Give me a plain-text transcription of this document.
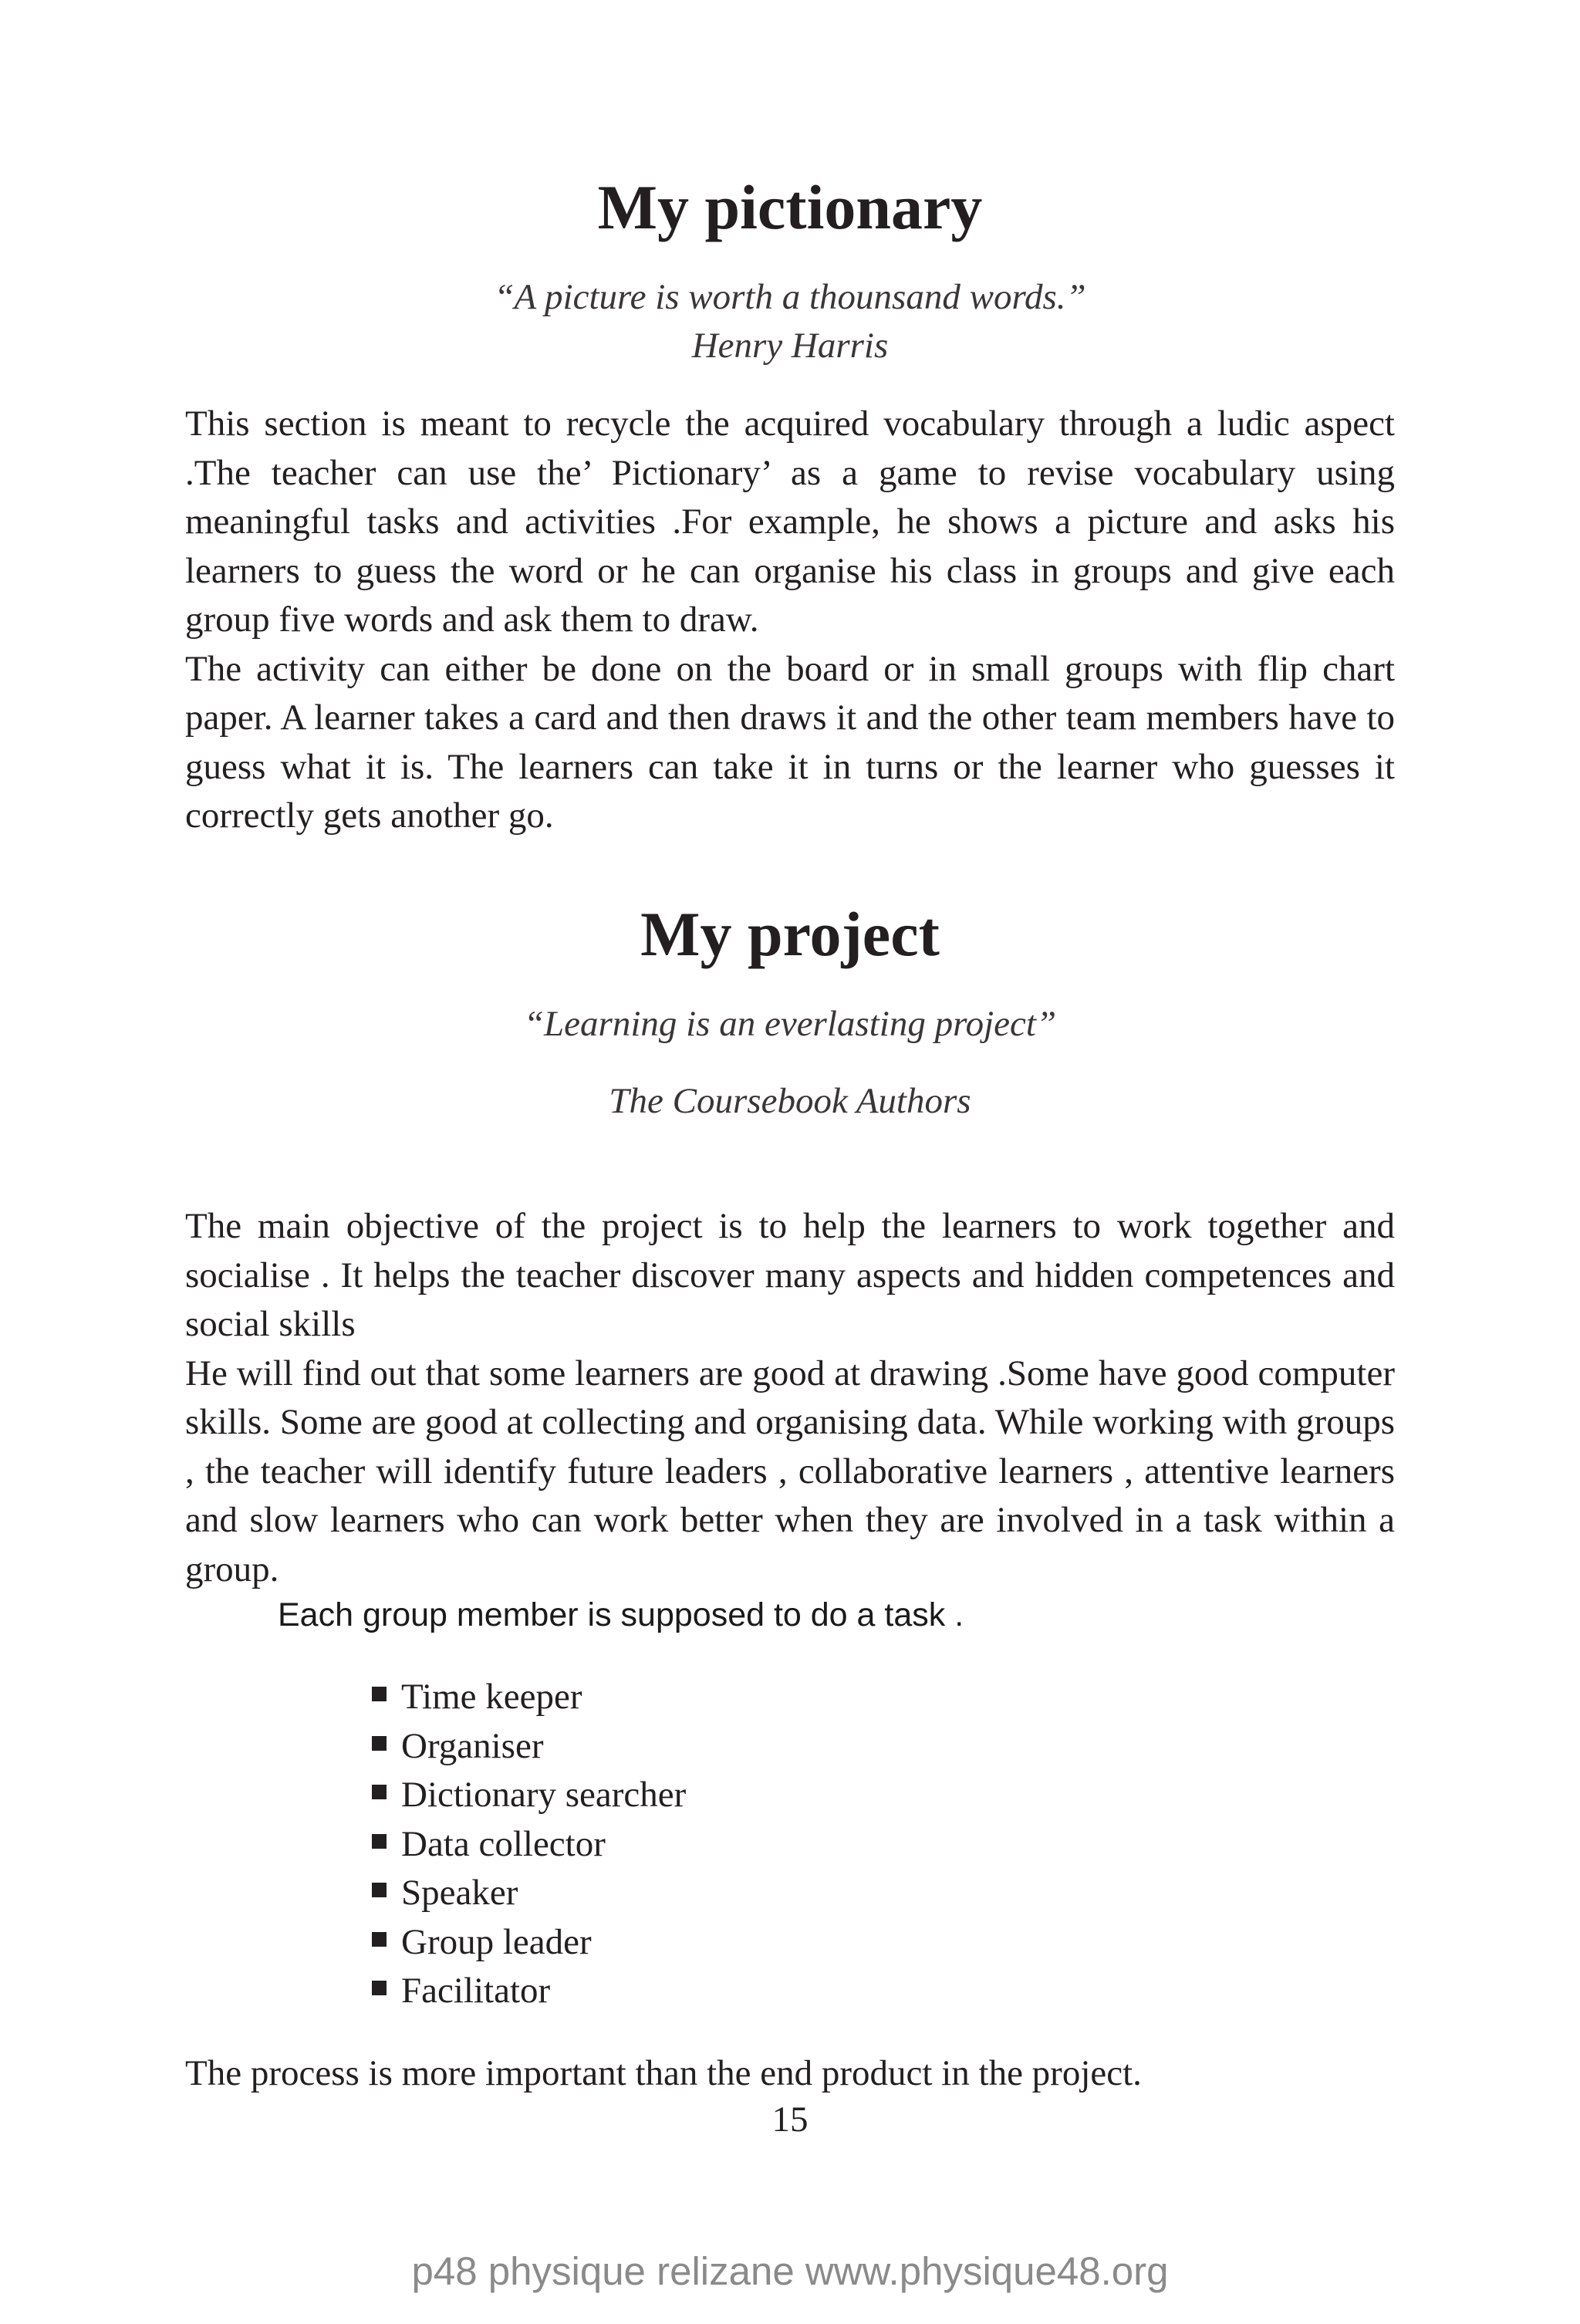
My pictionary
“A picture is worth a thounsand words.”
Henry Harris

This section is meant to recycle the acquired vocabulary through a ludic aspect .The teacher can use the’ Pictionary’ as a game to revise vocabulary using meaningful tasks and activities .For example, he shows a picture and asks his learners to guess the word or he can organise his class in groups and give each group five words and ask them to draw.

The activity can either be done on the board or in small groups with flip chart paper. A learner takes a card and then draws it and the other team members have to guess what it is. The learners can take it in turns or the learner who guesses it correctly gets another go.

My project
“Learning is an everlasting project”
The Coursebook Authors

The main objective of the project is to help the learners to work together and socialise . It helps the teacher discover many aspects and hidden competences and social skills

He will find out that some learners are good at drawing .Some have good computer skills. Some are good at collecting and organising data. While working with groups , the teacher will identify future leaders , collaborative learners , attentive learners and slow learners who can work better when they are involved in a task within a group.

Each group member is supposed to do a task .
Time keeper
Organiser
Dictionary searcher
Data collector
Speaker
Group leader
Facilitator
The process is more important than the end product in the project.
15
p48 physique relizane www.physique48.org
